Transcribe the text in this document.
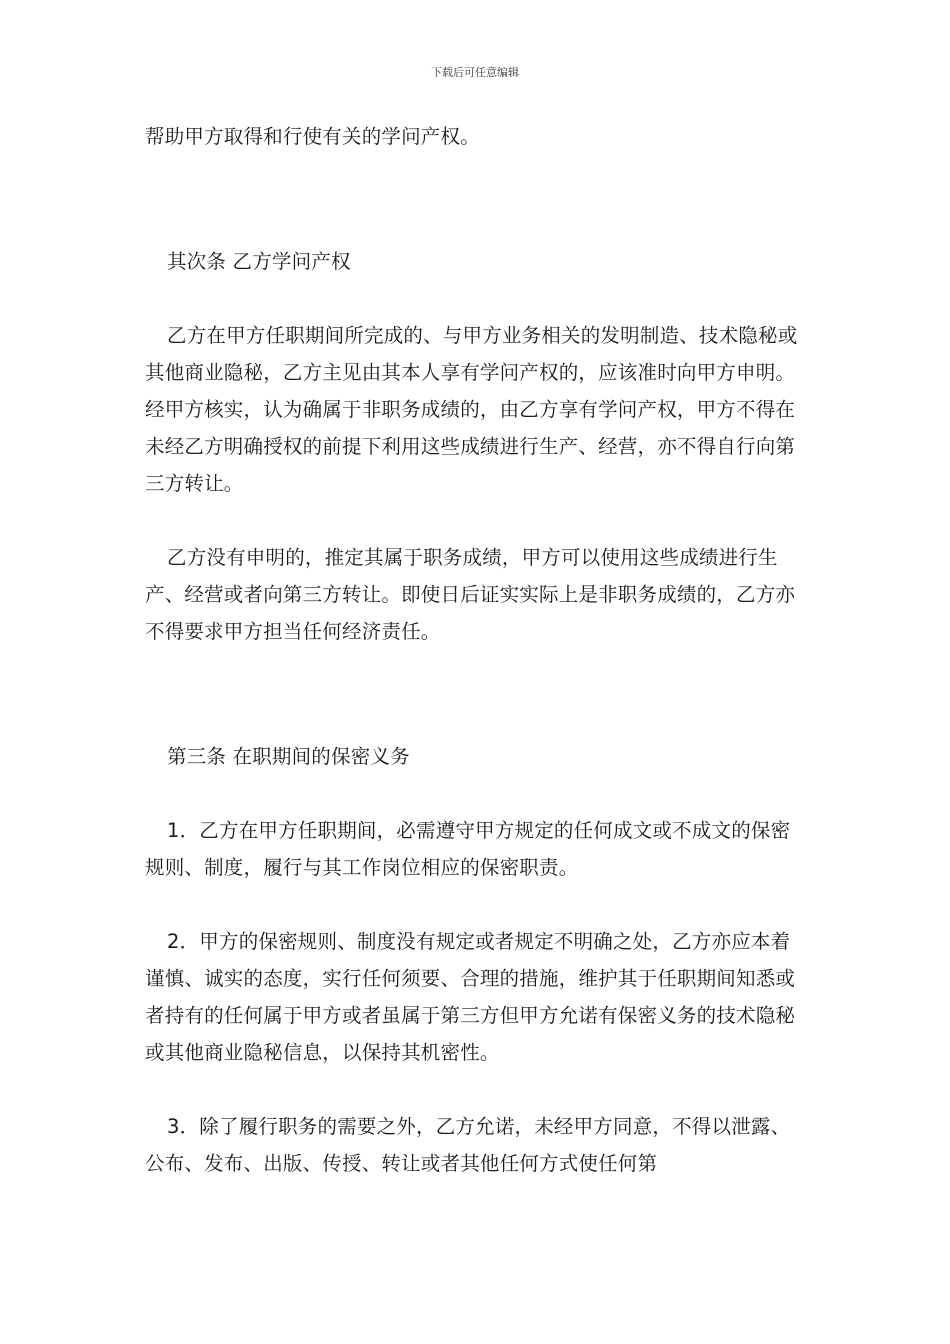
下载后可任意编辑

帮助甲方取得和行使有关的学问产权。

其次条 乙方学问产权

乙方在甲方任职期间所完成的、与甲方业务相关的发明制造、技术隐秘或其他商业隐秘，乙方主见由其本人享有学问产权的，应该准时向甲方申明。经甲方核实，认为确属于非职务成绩的，由乙方享有学问产权，甲方不得在未经乙方明确授权的前提下利用这些成绩进行生产、经营，亦不得自行向第三方转让。

乙方没有申明的，推定其属于职务成绩，甲方可以使用这些成绩进行生产、经营或者向第三方转让。即使日后证实实际上是非职务成绩的，乙方亦不得要求甲方担当任何经济责任。

第三条 在职期间的保密义务

1．乙方在甲方任职期间，必需遵守甲方规定的任何成文或不成文的保密规则、制度，履行与其工作岗位相应的保密职责。

2．甲方的保密规则、制度没有规定或者规定不明确之处，乙方亦应本着谨慎、诚实的态度，实行任何须要、合理的措施，维护其于任职期间知悉或者持有的任何属于甲方或者虽属于第三方但甲方允诺有保密义务的技术隐秘或其他商业隐秘信息，以保持其机密性。

3．除了履行职务的需要之外，乙方允诺，未经甲方同意，不得以泄露、公布、发布、出版、传授、转让或者其他任何方式使任何第
